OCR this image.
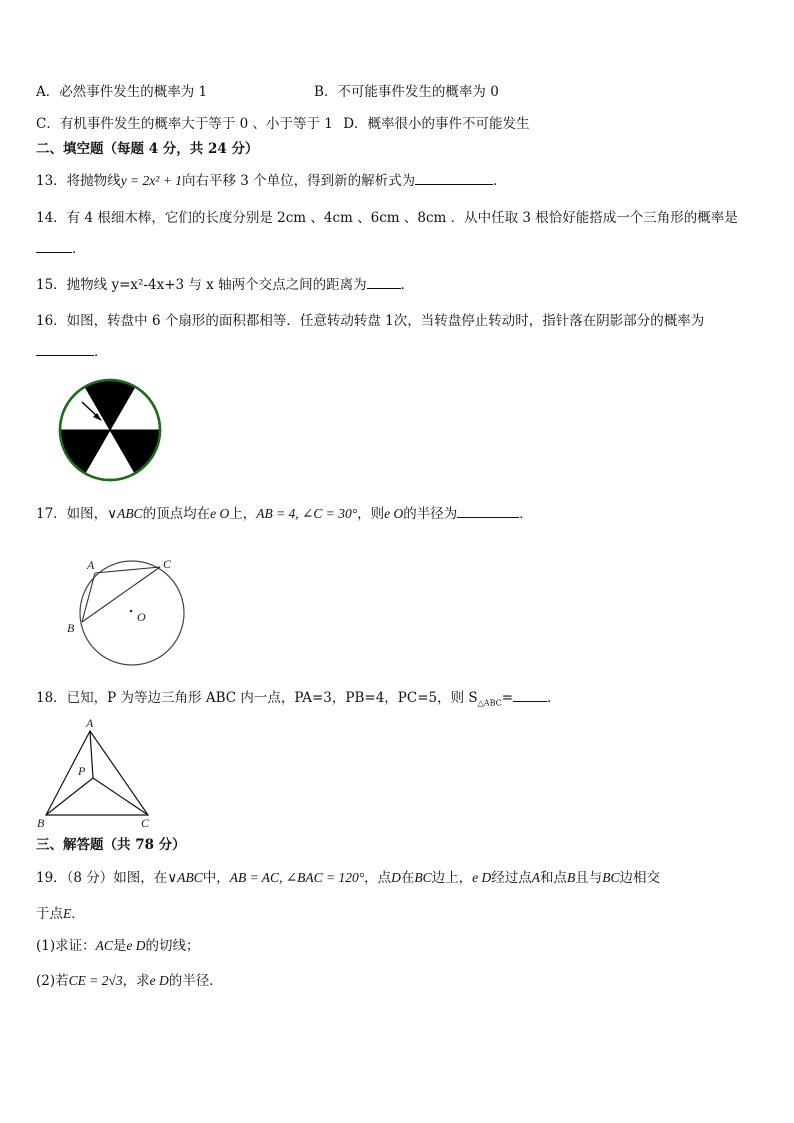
A．必然事件发生的概率为 1	B．不可能事件发生的概率为 0
C．有机事件发生的概率大于等于 0 、小于等于 1 D．概率很小的事件不可能发生
二、填空题（每题 4 分，共 24 分）
13．将抛物线y = 2x² + 1向右平移 3 个单位，得到新的解析式为	．
14．有 4 根细木棒，它们的长度分别是 2cm 、4cm 、6cm 、8cm ．从中任取 3 根恰好能搭成一个三角形的概率是
．
15．抛物线 y=x²-4x+3 与 x 轴两个交点之间的距离为	．
16．如图，转盘中 6 个扇形的面积都相等．任意转动转盘 1次，当转盘停止转动时，指针落在阴影部分的概率为
．
17．如图，∨ABC的顶点均在e O上，AB = 4, ∠C = 30°，则e O的半径为	．
A	C
B
O
18．已知，P 为等边三角形 ABC 内一点，PA=3，PB=4，PC=5，则 $S_{\triangle ABC}=$	．
A
P
B	C
三、解答题（共 78 分）
19．（8 分）如图，在∨ABC中，AB = AC, ∠BAC = 120°，点D在BC边上，e D经过点A和点B且与BC边相交
于点E．
(1)求证：AC是e D的切线；
(2)若CE = 2√3，求e D的半径．
